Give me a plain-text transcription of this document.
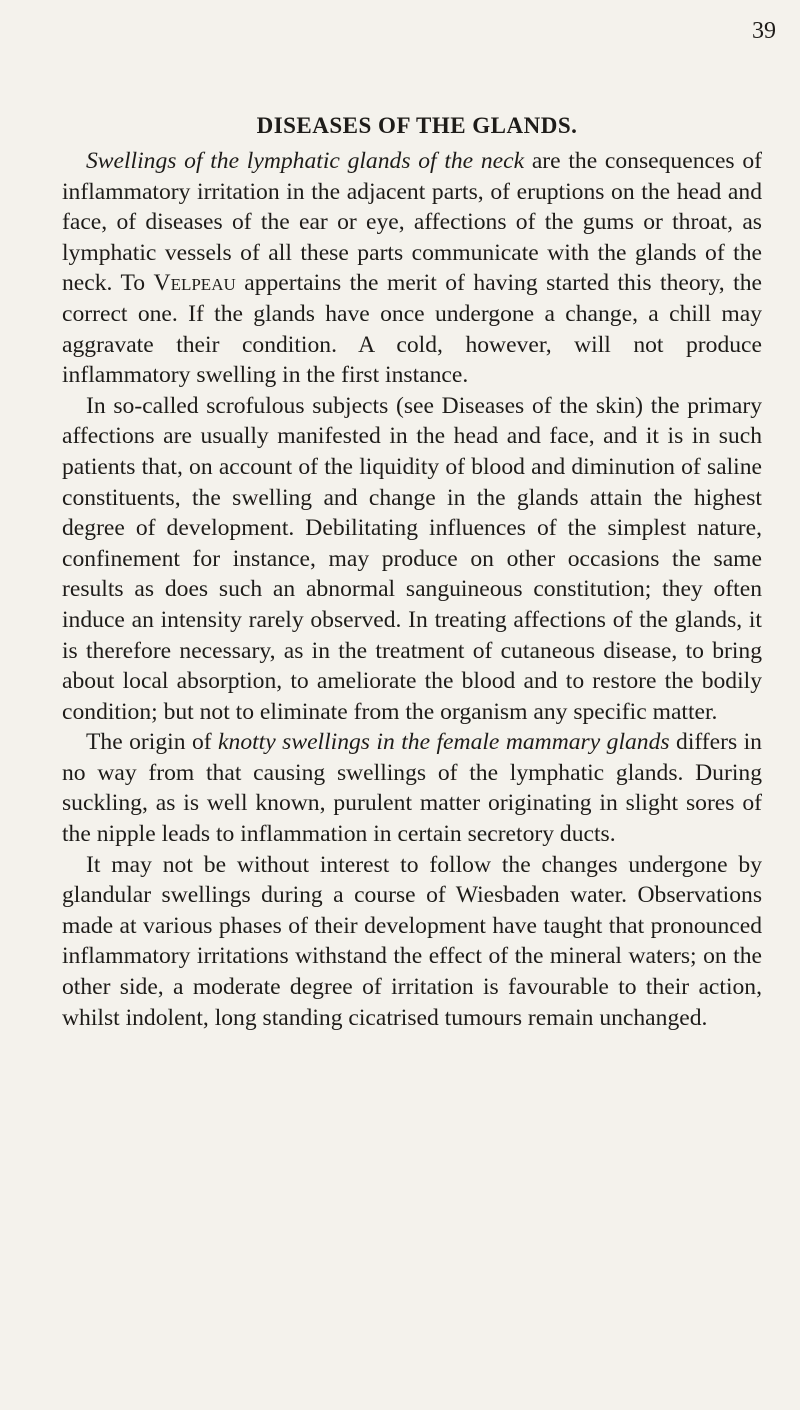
39
DISEASES OF THE GLANDS.

Swellings of the lymphatic glands of the neck are the consequences of inflammatory irritation in the adjacent parts, of eruptions on the head and face, of diseases of the ear or eye, affections of the gums or throat, as lymphatic vessels of all these parts communicate with the glands of the neck. To Velpeau appertains the merit of having started this theory, the correct one. If the glands have once undergone a change, a chill may aggravate their condition. A cold, however, will not produce inflammatory swelling in the first instance.

In so-called scrofulous subjects (see Diseases of the skin) the primary affections are usually manifested in the head and face, and it is in such patients that, on account of the liquidity of blood and diminution of saline constituents, the swelling and change in the glands attain the highest degree of development. Debilitating influences of the simplest nature, confinement for instance, may produce on other occasions the same results as does such an abnormal sanguineous constitution; they often induce an intensity rarely observed. In treating affections of the glands, it is therefore necessary, as in the treatment of cutaneous disease, to bring about local absorption, to ameliorate the blood and to restore the bodily condition; but not to eliminate from the organism any specific matter.

The origin of knotty swellings in the female mammary glands differs in no way from that causing swellings of the lymphatic glands. During suckling, as is well known, purulent matter originating in slight sores of the nipple leads to inflammation in certain secretory ducts.

It may not be without interest to follow the changes undergone by glandular swellings during a course of Wiesbaden water. Observations made at various phases of their development have taught that pronounced inflammatory irritations withstand the effect of the mineral waters; on the other side, a moderate degree of irritation is favourable to their action, whilst indolent, long standing cicatrised tumours remain unchanged.
